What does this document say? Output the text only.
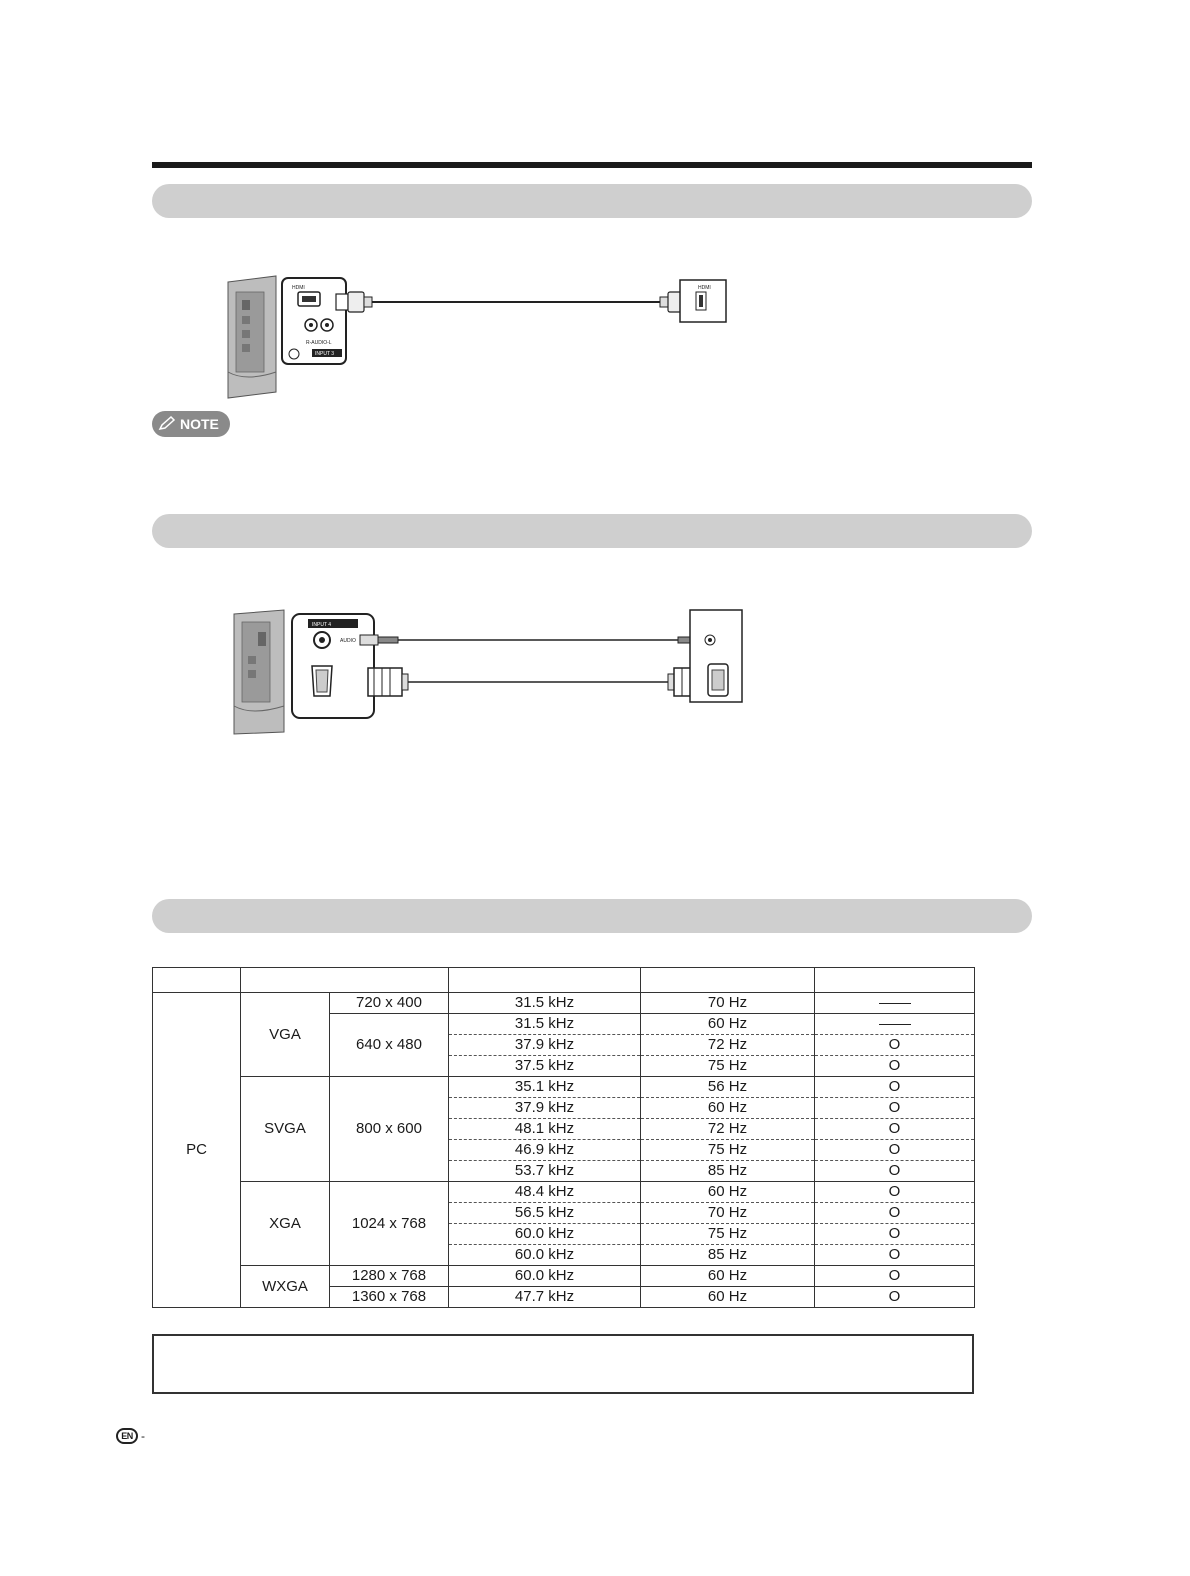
HDMI
R-AUDIO-L
INPUT 3
HDMI
NOTE
INPUT 4
AUDIO

PC	VGA	720 x 400	31.5 kHz	70 Hz	
		640 x 480	31.5 kHz	60 Hz	
			37.9 kHz	72 Hz	O
			37.5 kHz	75 Hz	O
	SVGA	800 x 600	35.1 kHz	56 Hz	O
			37.9 kHz	60 Hz	O
			48.1 kHz	72 Hz	O
			46.9 kHz	75 Hz	O
			53.7 kHz	85 Hz	O
	XGA	1024 x 768	48.4 kHz	60 Hz	O
			56.5 kHz	70 Hz	O
			60.0 kHz	75 Hz	O
			60.0 kHz	85 Hz	O
	WXGA	1280 x 768	60.0 kHz	60 Hz	O
		1360 x 768	47.7 kHz	60 Hz	O
EN -
